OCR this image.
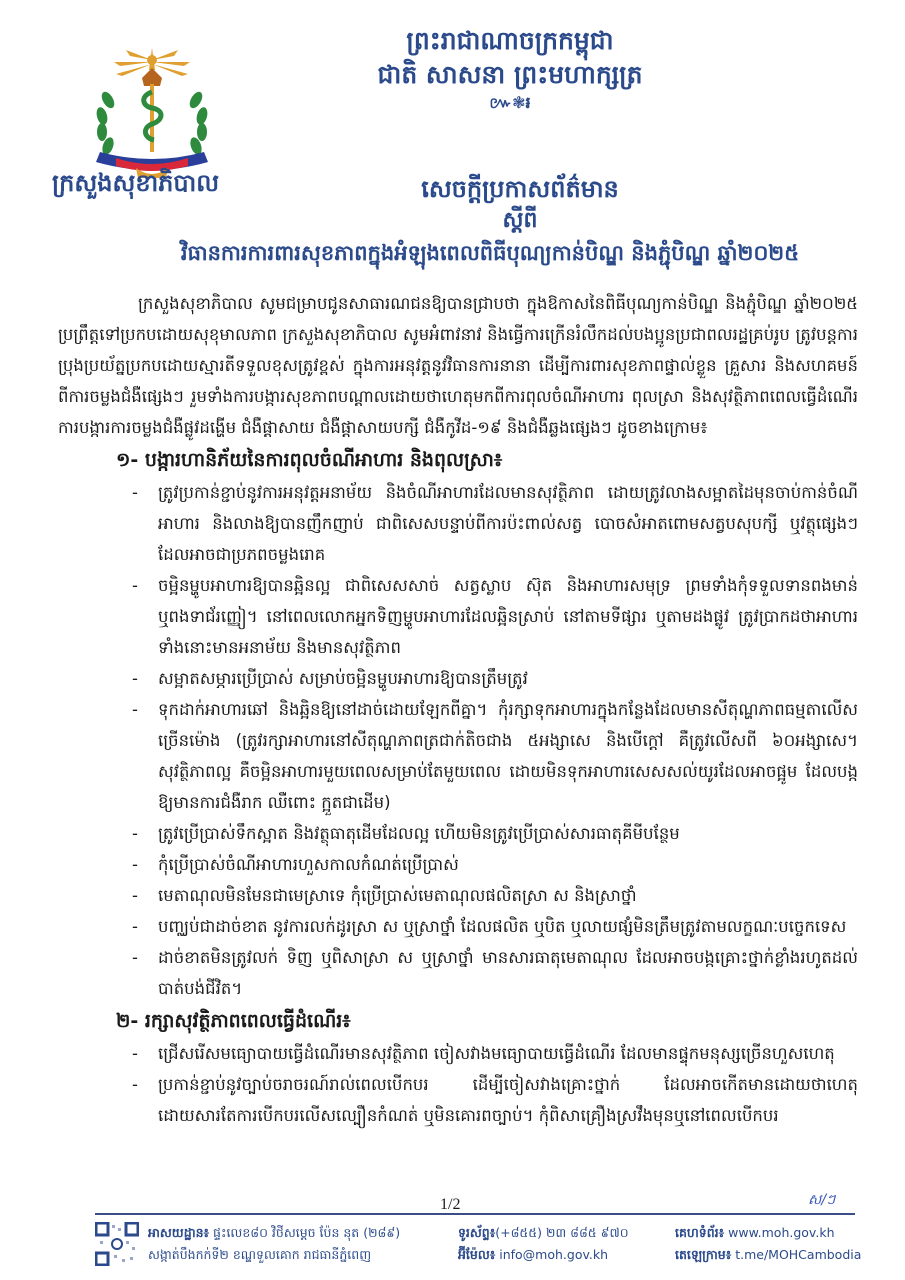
ក្រសួងសុខាភិបាល
ព្រះរាជាណាចក្រកម្ពុជា
ជាតិ សាសនា ព្រះមហាក្សត្រ
៚❃៛
សេចក្តីប្រកាសព័ត៌មាន
ស្តីពី
វិធានការការពារសុខភាពក្នុងអំឡុងពេលពិធីបុណ្យកាន់បិណ្ឌ និងភ្ជុំបិណ្ឌ ឆ្នាំ២០២៥
ក្រសួងសុខាភិបាល សូមជម្រាបជូនសាធារណជនឱ្យបានជ្រាបថា ក្នុងឱកាសនៃពិធីបុណ្យកាន់បិណ្ឌ និងភ្ជុំបិណ្ឌ ឆ្នាំ២០២៥ ប្រព្រឹត្តទៅប្រកបដោយសុខុមាលភាព ក្រសួងសុខាភិបាល សូមអំពាវនាវ និងធ្វើការក្រើនរំលឹកដល់បងប្អូនប្រជាពលរដ្ឋគ្រប់រូប ត្រូវបន្តការប្រុងប្រយ័ត្នប្រកបដោយស្មារតីទទួលខុសត្រូវខ្ពស់ ក្នុងការអនុវត្តនូវវិធានការនានា ដើម្បីការពារសុខភាពផ្ទាល់ខ្លួន គ្រួសារ និងសហគមន៍ ពីការចម្លងជំងឺផ្សេងៗ រួមទាំងការបង្ការសុខភាពបណ្តាលដោយថាហេតុមកពីការពុលចំណីអាហារ ពុលស្រា និងសុវត្ថិភាពពេលធ្វើដំណើរ ការបង្ការការចម្លងជំងឺផ្លូវដង្ហើម ជំងឺផ្តាសាយ ជំងឺផ្តាសាយបក្សី ជំងឺកូវីដ-១៩ និងជំងឺឆ្លងផ្សេងៗ ដូចខាងក្រោម៖
១- បង្ការហានិភ័យនៃការពុលចំណីអាហារ និងពុលស្រា៖
- ត្រូវប្រកាន់ខ្ជាប់នូវការអនុវត្តអនាម័យ និងចំណីអាហារដែលមានសុវត្ថិភាព ដោយត្រូវលាងសម្អាតដៃមុនចាប់កាន់ចំណីអាហារ និងលាងឱ្យបានញឹកញាប់ ជាពិសេសបន្ទាប់ពីការប៉ះពាល់សត្វ បោចសំអាតពោមសត្វបសុបក្សី ឬវត្ថុផ្សេងៗ ដែលអាចជាប្រភពចម្លងរោគ
- ចម្អិនម្ហូបអាហារឱ្យបានឆ្អិនល្អ ជាពិសេសសាច់ សត្វស្លាប ស៊ុត និងអាហារសមុទ្រ ព្រមទាំងកុំទទួលទានពងមាន់ ឬពងទាជ័រញ្ញៀ។ នៅពេលលោកអ្នកទិញម្ហូបអាហារដែលឆ្អិនស្រាប់ នៅតាមទីផ្សារ ឬតាមដងផ្លូវ ត្រូវប្រាកដថាអាហារទាំងនោះមានអនាម័យ និងមានសុវត្ថិភាព
- សម្អាតសម្ភារប្រើប្រាស់ សម្រាប់ចម្អិនម្ហូបអាហារឱ្យបានត្រឹមត្រូវ
- ទុកដាក់អាហារឆៅ និងឆ្អិនឱ្យនៅដាច់ដោយឡែកពីគ្នា។ កុំរក្សាទុកអាហារក្នុងកន្លែងដែលមានសីតុណ្ហភាពធម្មតាលើសច្រើនម៉ោង (ត្រូវរក្សាអាហារនៅសីតុណ្ហភាពត្រជាក់តិចជាង ៥អង្សាសេ និងបើក្តៅ គឺត្រូវលើសពី ៦០អង្សាសេ។ សុវត្ថិភាពល្អ គឺចម្អិនអាហារមួយពេលសម្រាប់តែមួយពេល ដោយមិនទុកអាហារសេសសល់យូរដែលអាចផ្អូម ដែលបង្កឱ្យមានការជំងឺរាក ឈឺពោះ ក្អួតជាដើម)
- ត្រូវប្រើប្រាស់ទឹកស្អាត និងវត្ថុធាតុដើមដែលល្អ ហើយមិនត្រូវប្រើប្រាស់សារធាតុគីមីបន្ថែម
- កុំប្រើប្រាស់ចំណីអាហារហួសកាលកំណត់ប្រើប្រាស់
- មេតាណុលមិនមែនជាមេស្រាទេ កុំប្រើប្រាស់មេតាណុលផលិតស្រា ស និងស្រាថ្នាំ
- បញ្ឈប់ជាដាច់ខាត នូវការលក់ដូរស្រា ស ឬស្រាថ្នាំ ដែលផលិត ឬបិត ឬលាយផ្សំមិនត្រឹមត្រូវតាមលក្ខណៈបច្ចេកទេស
- ដាច់ខាតមិនត្រូវលក់ ទិញ ឬពិសាស្រា ស ឬស្រាថ្នាំ មានសារធាតុមេតាណុល ដែលអាចបង្កគ្រោះថ្នាក់ខ្លាំងរហូតដល់បាត់បង់ជីវិត។
២- រក្សាសុវត្ថិភាពពេលធ្វើដំណើរ៖
- ជ្រើសរើសមធ្យោបាយធ្វើដំណើរមានសុវត្ថិភាព ចៀសវាងមធ្យោបាយធ្វើដំណើរ ដែលមានផ្ទុកមនុស្សច្រើនហួសហេតុ
- ប្រកាន់ខ្ជាប់នូវច្បាប់ចរាចរណ៍រាល់ពេលបើកបរ ដើម្បីចៀសវាងគ្រោះថ្នាក់ ដែលអាចកើតមានដោយថាហេតុដោយសារតែការបើកបរលើសល្បឿនកំណត់ ឬមិនគោរពច្បាប់។ កុំពិសាគ្រឿងស្រវឹងមុនឬនៅពេលបើកបរ
1/2	ស/ៗ
អាសយដ្ឋាន៖ ផ្ទះលេខ៨០ វិថីសម្តេច ប៉ែន នុត (២៨៩)
សង្កាត់បឹងកក់ទី២ ខណ្ឌទួលគោក រាជធានីភ្នំពេញ
ទូរស័ព្ទ៖(+៨៥៥) ២៣ ៨៨៥ ៩៧០
អ៊ីម៉ែល៖ info@moh.gov.kh
គេហទំព័រ៖ www.moh.gov.kh
តេឡេក្រាម៖ t.me/MOHCambodia
